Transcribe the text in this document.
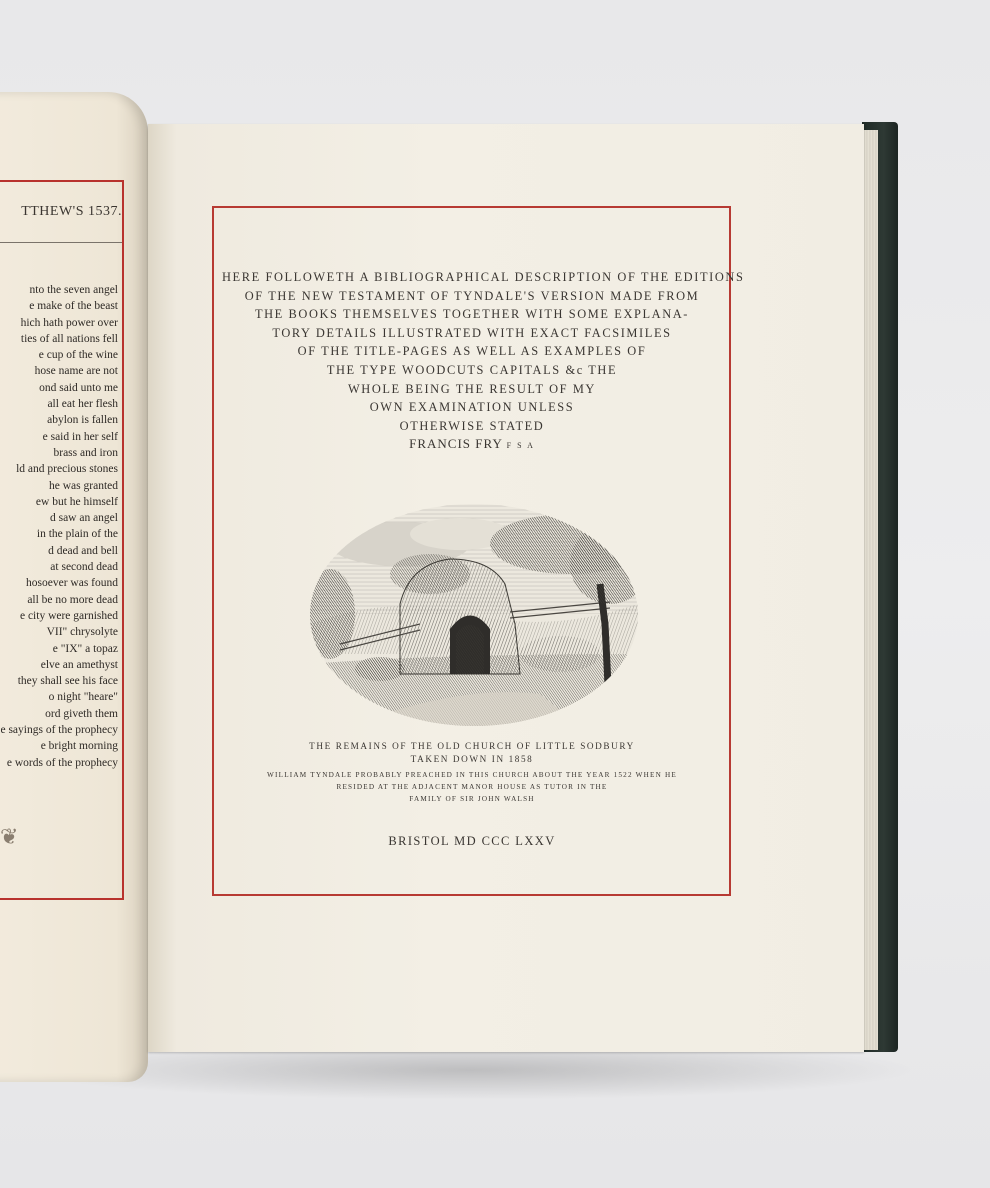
TTHEW'S 1537.
nto the seven angel
e make of the beast
hich hath power over
ties of all nations fell
e cup of the wine
hose name are not
ond said unto me
all eat her flesh
abylon is fallen
e said in her self
brass and iron
ld and precious stones
he was granted
ew but he himself
d saw an angel
in the plain of the
d dead and bell
at second dead
hosoever was found
all be no more dead
e city were garnished
VII" chrysolyte
e "IX" a topaz
elve an amethyst
they shall see his face
o night "heare"
ord giveth them
e sayings of the prophecy
e bright morning
e words of the prophecy
❦
HERE FOLLOWETH A BIBLIOGRAPHICAL DESCRIPTION OF THE EDITIONS
OF THE NEW TESTAMENT OF TYNDALE'S VERSION MADE FROM
THE BOOKS THEMSELVES TOGETHER WITH SOME EXPLANA-
TORY DETAILS ILLUSTRATED WITH EXACT FACSIMILES
OF THE TITLE-PAGES AS WELL AS EXAMPLES OF
THE TYPE WOODCUTS CAPITALS &c THE
WHOLE BEING THE RESULT OF MY
OWN EXAMINATION UNLESS
OTHERWISE STATED
FRANCIS FRY F S A
THE REMAINS OF THE OLD CHURCH OF LITTLE SODBURY
TAKEN DOWN IN 1858
WILLIAM TYNDALE PROBABLY PREACHED IN THIS CHURCH ABOUT THE YEAR 1522 WHEN HE
RESIDED AT THE ADJACENT MANOR HOUSE AS TUTOR IN THE
FAMILY OF SIR JOHN WALSH
BRISTOL MD CCC LXXV
